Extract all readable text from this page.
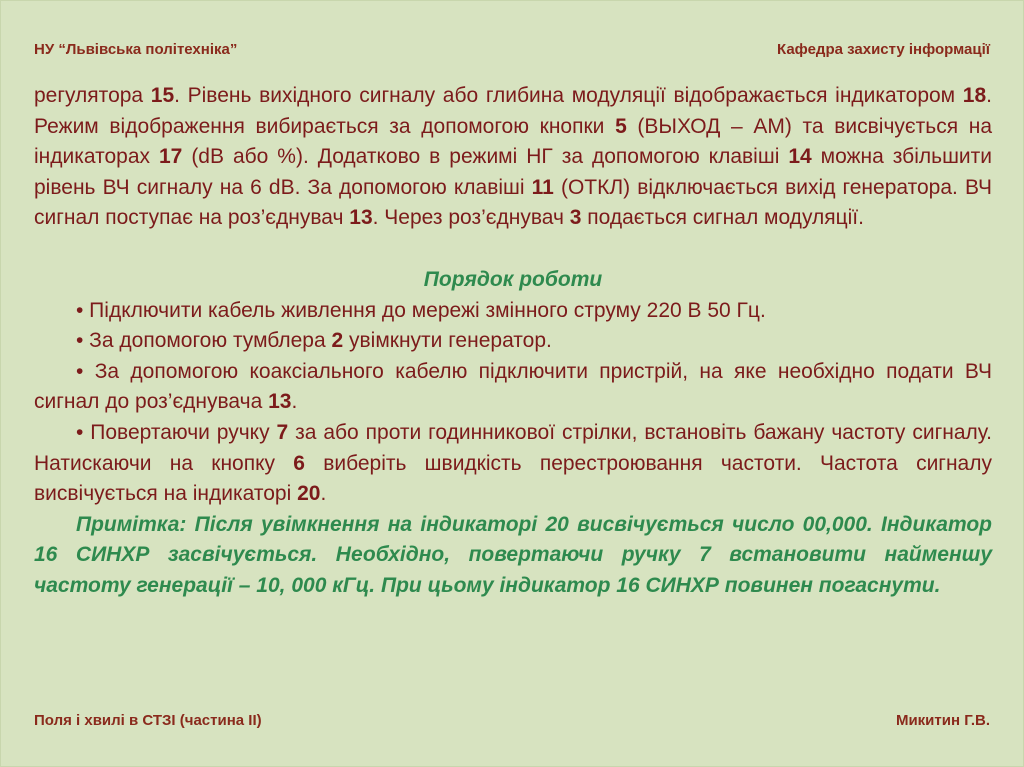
НУ “Львівська політехніка”	Кафедра захисту інформації

регулятора 15. Рівень вихідного сигналу або глибина модуляції відображається індикатором 18. Режим відображення вибирається за допомогою кнопки 5 (ВЫХОД – AM) та висвічується на індикаторах 17 (dB або %). Додатково в режимі НГ за допомогою клавіші 14 можна збільшити рівень ВЧ сигналу на 6 dB. За допомогою клавіші 11 (ОТКЛ) відключається вихід генератора. ВЧ сигнал поступає на роз’єднувач 13. Через роз’єднувач 3 подається сигнал модуляції.

Порядок роботи

• Підключити кабель живлення до мережі змінного струму 220 В 50 Гц.

• За допомогою тумблера 2 увімкнути генератор.

• За допомогою коаксіального кабелю підключити пристрій, на яке необхідно подати ВЧ сигнал до роз’єднувача 13.

• Повертаючи ручку 7 за або проти годинникової стрілки, встановіть бажану частоту сигналу. Натискаючи на кнопку 6 виберіть швидкість перестроювання частоти. Частота сигналу висвічується на індикаторі 20.

Примітка: Після увімкнення на індикаторі 20 висвічується число 00,000. Індикатор 16 СИНХР засвічується. Необхідно, повертаючи ручку 7 встановити найменшу частоту генерації – 10, 000 кГц. При цьому індикатор 16 СИНХР повинен погаснути.

Поля і хвилі в СТЗІ (частина ІІ)	Микитин Г.В.
